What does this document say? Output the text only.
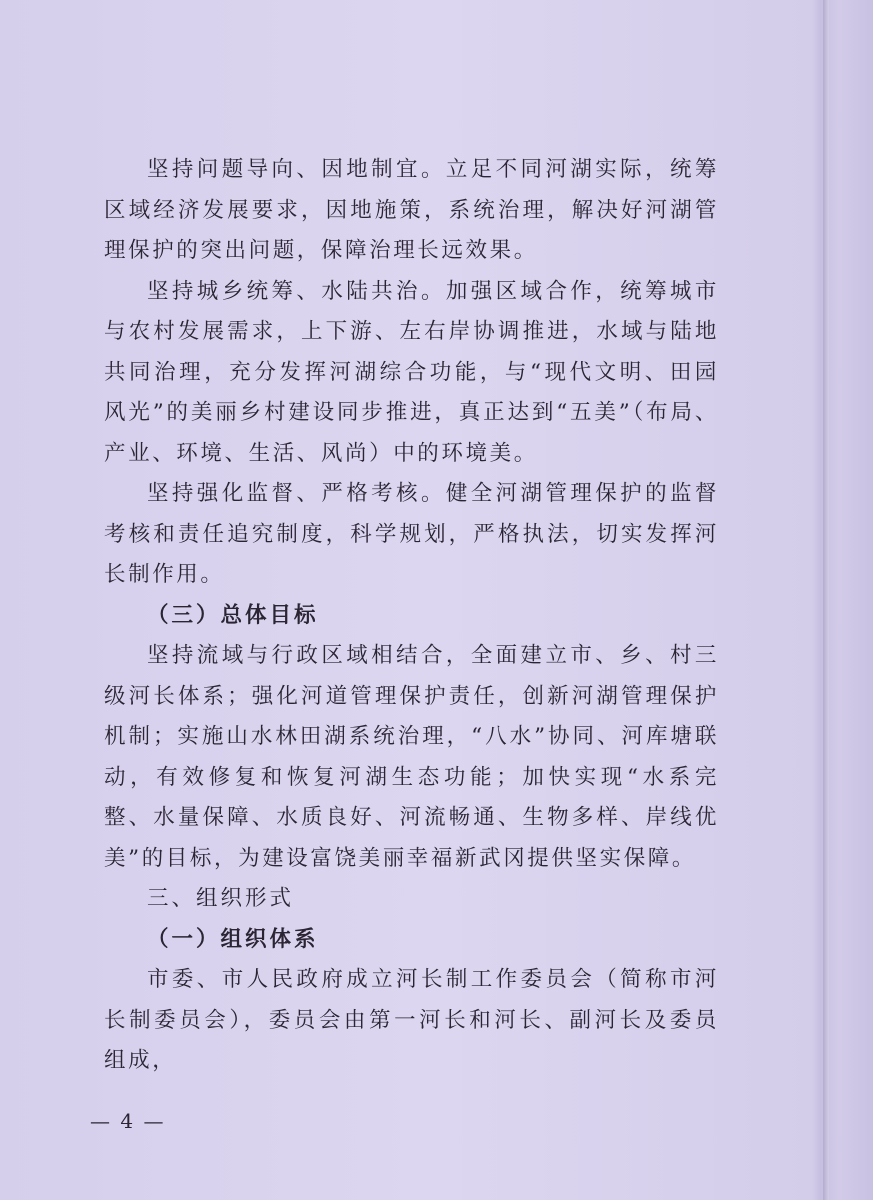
坚持问题导向、因地制宜。立足不同河湖实际，统筹区域经济发展要求，因地施策，系统治理，解决好河湖管理保护的突出问题，保障治理长远效果。

坚持城乡统筹、水陆共治。加强区域合作，统筹城市与农村发展需求，上下游、左右岸协调推进，水域与陆地共同治理，充分发挥河湖综合功能，与“现代文明、田园风光”的美丽乡村建设同步推进，真正达到“五美”（布局、产业、环境、生活、风尚）中的环境美。

坚持强化监督、严格考核。健全河湖管理保护的监督考核和责任追究制度，科学规划，严格执法，切实发挥河长制作用。

（三）总体目标

坚持流域与行政区域相结合，全面建立市、乡、村三级河长体系；强化河道管理保护责任，创新河湖管理保护机制；实施山水林田湖系统治理，“八水”协同、河库塘联动，有效修复和恢复河湖生态功能；加快实现“水系完整、水量保障、水质良好、河流畅通、生物多样、岸线优美”的目标，为建设富饶美丽幸福新武冈提供坚实保障。

三、组织形式

（一）组织体系

市委、市人民政府成立河长制工作委员会（简称市河长制委员会），委员会由第一河长和河长、副河长及委员组成，

— 4 —
